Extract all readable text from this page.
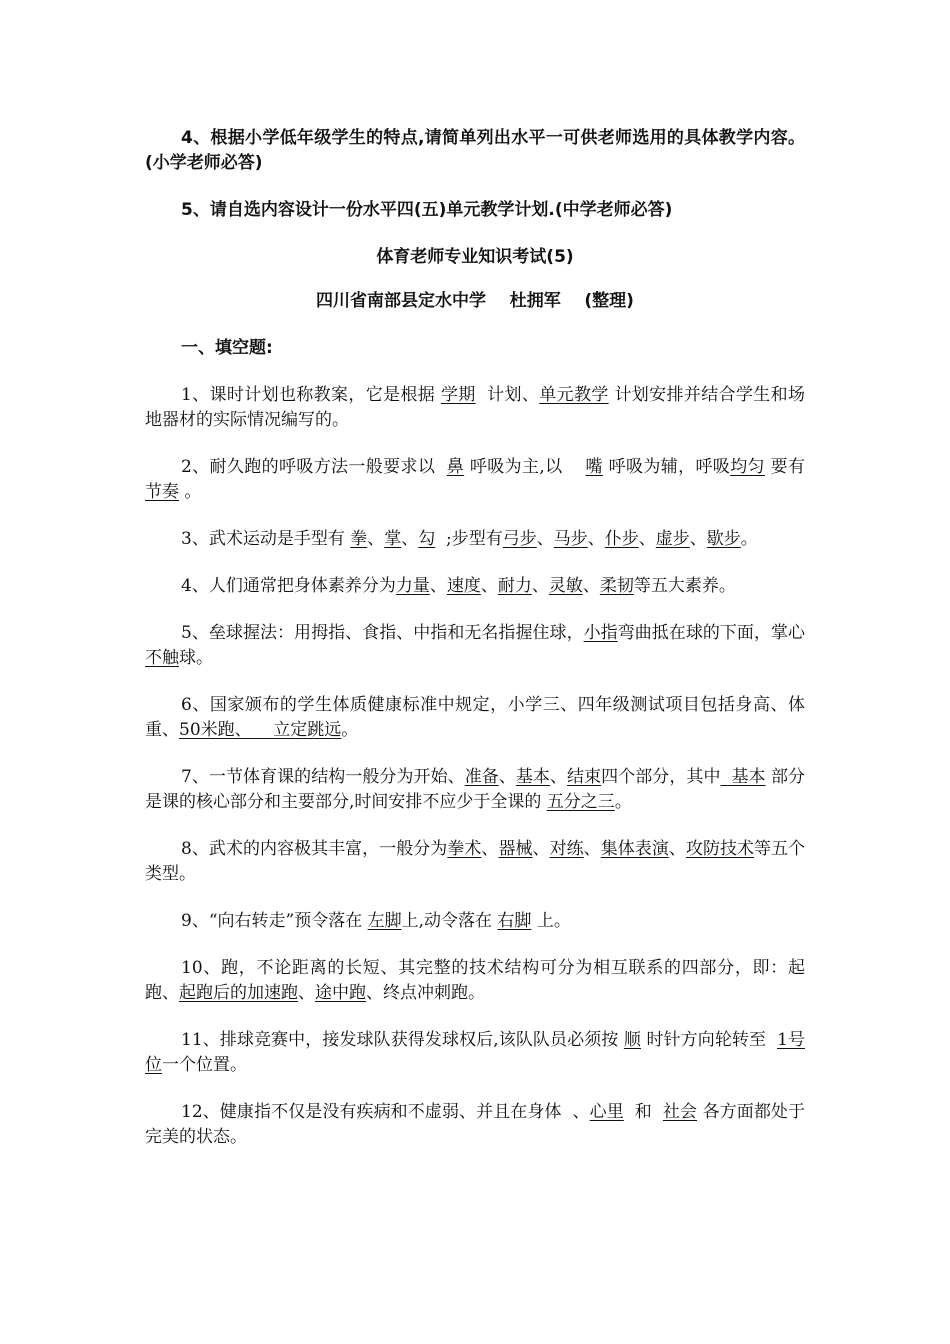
4、根据小学低年级学生的特点,请简单列出水平一可供老师选用的具体教学内容。(小学老师必答)

5、请自选内容设计一份水平四(五)单元教学计划.(中学老师必答)

体育老师专业知识考试(5)

四川省南部县定水中学    杜拥军    (整理)

一、填空题:

1、课时计划也称教案，它是根据 学期  计划、单元教学 计划安排并结合学生和场地器材的实际情况编写的。

2、耐久跑的呼吸方法一般要求以  鼻 呼吸为主,以    嘴 呼吸为辅，呼吸均匀 要有 节奏 。

3、武术运动是手型有 拳、掌、勾  ;步型有弓步、马步、仆步、虚步、歇步。

4、人们通常把身体素养分为力量、速度、耐力、灵敏、柔韧等五大素养。

5、垒球握法：用拇指、食指、中指和无名指握住球，小指弯曲抵在球的下面，掌心不触球。

6、国家颁布的学生体质健康标准中规定，小学三、四年级测试项目包括身高、体重、50米跑、 立定跳远。

7、一节体育课的结构一般分为开始、准备、基本、结束四个部分，其中  基本 部分是课的核心部分和主要部分,时间安排不应少于全课的 五分之三。

8、武术的内容极其丰富，一般分为拳术、器械、对练、集体表演、攻防技术等五个类型。

9、“向右转走”预令落在 左脚上,动令落在 右脚 上。

10、跑，不论距离的长短、其完整的技术结构可分为相互联系的四部分，即：起跑、起跑后的加速跑、途中跑、终点冲刺跑。

11、排球竞赛中，接发球队获得发球权后,该队队员必须按 顺 时针方向轮转至  1号位一个位置。

12、健康指不仅是没有疾病和不虚弱、并且在身体  、心里  和  社会 各方面都处于完美的状态。
